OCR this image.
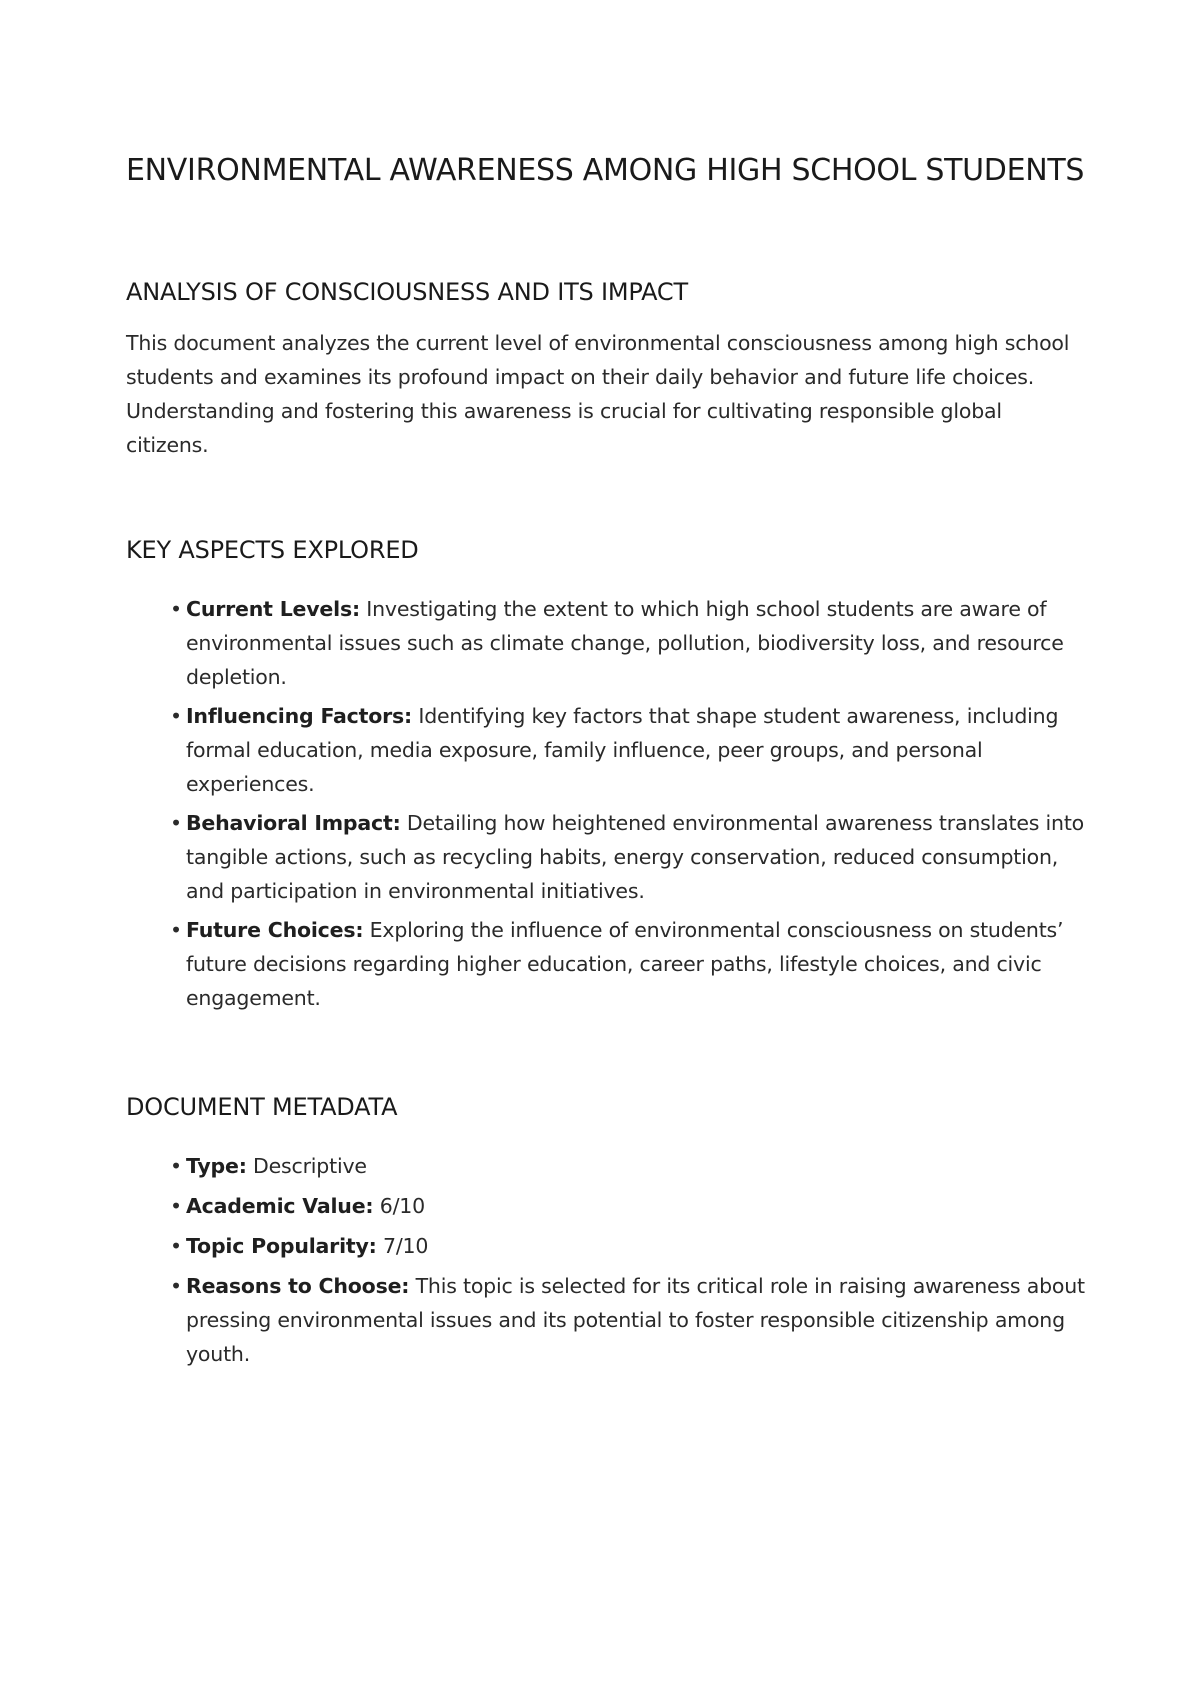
ENVIRONMENTAL AWARENESS AMONG HIGH SCHOOL STUDENTS
ANALYSIS OF CONSCIOUSNESS AND ITS IMPACT

This document analyzes the current level of environmental consciousness among high school students and examines its profound impact on their daily behavior and future life choices. Understanding and fostering this awareness is crucial for cultivating responsible global citizens.

KEY ASPECTS EXPLORED
• Current Levels: Investigating the extent to which high school students are aware of environmental issues such as climate change, pollution, biodiversity loss, and resource depletion.
• Influencing Factors: Identifying key factors that shape student awareness, including formal education, media exposure, family influence, peer groups, and personal experiences.
• Behavioral Impact: Detailing how heightened environmental awareness translates into tangible actions, such as recycling habits, energy conservation, reduced consumption, and participation in environmental initiatives.
• Future Choices: Exploring the influence of environmental consciousness on students’ future decisions regarding higher education, career paths, lifestyle choices, and civic engagement.
DOCUMENT METADATA
• Type: Descriptive
• Academic Value: 6/10
• Topic Popularity: 7/10
• Reasons to Choose: This topic is selected for its critical role in raising awareness about pressing environmental issues and its potential to foster responsible citizenship among youth.
